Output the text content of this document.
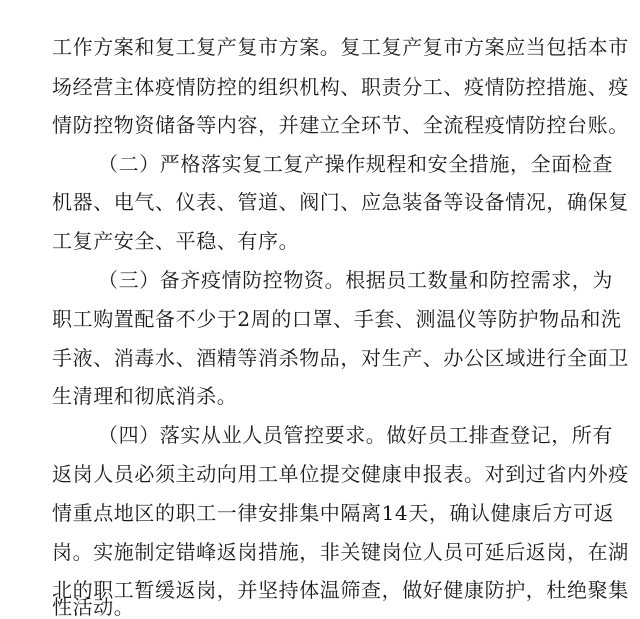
工作方案和复工复产复市方案。复工复产复市方案应当包括本市
场经营主体疫情防控的组织机构、职责分工、疫情防控措施、疫
情防控物资储备等内容，并建立全环节、全流程疫情防控台账。
（二）严格落实复工复产操作规程和安全措施，全面检查
机器、电气、仪表、管道、阀门、应急装备等设备情况，确保复
工复产安全、平稳、有序。
（三）备齐疫情防控物资。根据员工数量和防控需求，为
职工购置配备不少于2周的口罩、手套、测温仪等防护物品和洗
手液、消毒水、酒精等消杀物品，对生产、办公区域进行全面卫
生清理和彻底消杀。
（四）落实从业人员管控要求。做好员工排查登记，所有
返岗人员必须主动向用工单位提交健康申报表。对到过省内外疫
情重点地区的职工一律安排集中隔离14天，确认健康后方可返
岗。实施制定错峰返岗措施，非关键岗位人员可延后返岗，在湖
北的职工暂缓返岗，并坚持体温筛查，做好健康防护，杜绝聚集
性活动。
